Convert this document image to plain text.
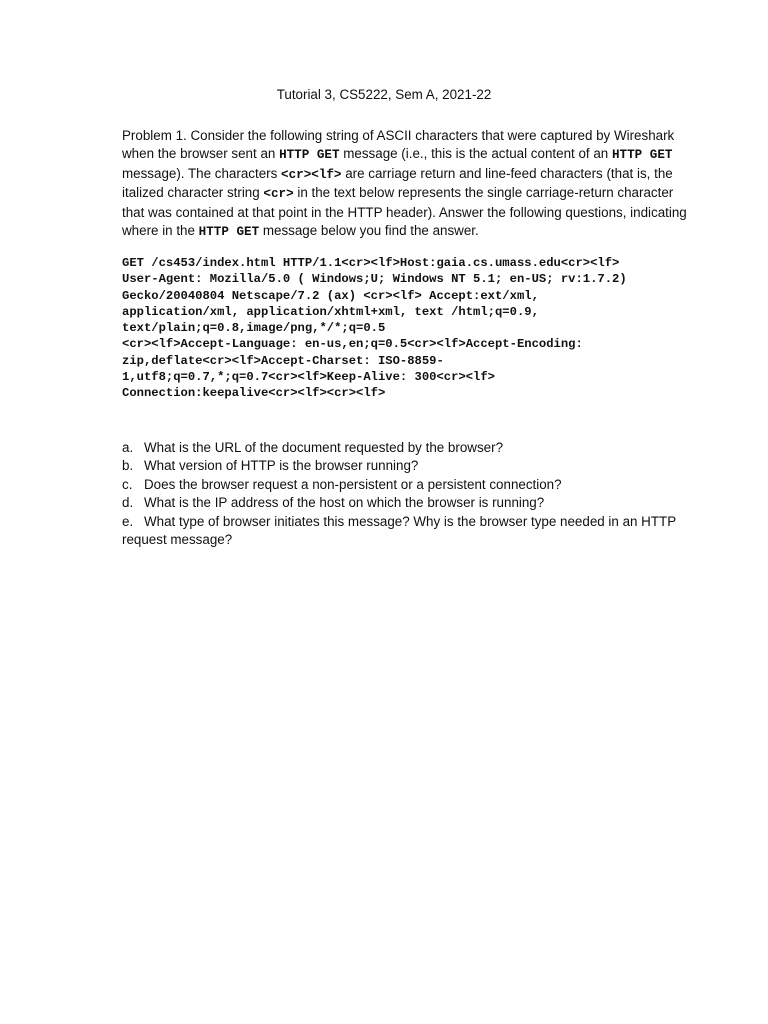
Tutorial 3, CS5222, Sem A, 2021-22
Problem 1. Consider the following string of ASCII characters that were captured by Wireshark
when the browser sent an HTTP GET message (i.e., this is the actual content of an HTTP GET
message). The characters <cr><lf> are carriage return and line-feed characters (that is, the
italized character string <cr> in the text below represents the single carriage-return character
that was contained at that point in the HTTP header). Answer the following questions, indicating
where in the HTTP GET message below you find the answer.
GET /cs453/index.html HTTP/1.1<cr><lf>Host:gaia.cs.umass.edu<cr><lf>
User-Agent: Mozilla/5.0 ( Windows;U; Windows NT 5.1; en-US; rv:1.7.2)
Gecko/20040804 Netscape/7.2 (ax) <cr><lf> Accept:ext/xml,
application/xml, application/xhtml+xml, text /html;q=0.9,
text/plain;q=0.8,image/png,*/*;q=0.5
<cr><lf>Accept-Language: en-us,en;q=0.5<cr><lf>Accept-Encoding:
zip,deflate<cr><lf>Accept-Charset: ISO-8859-
1,utf8;q=0.7,*;q=0.7<cr><lf>Keep-Alive: 300<cr><lf>
Connection:keepalive<cr><lf><cr><lf>
a. What is the URL of the document requested by the browser?
b. What version of HTTP is the browser running?
c. Does the browser request a non-persistent or a persistent connection?
d. What is the IP address of the host on which the browser is running?
e. What type of browser initiates this message? Why is the browser type needed in an HTTP
request message?
